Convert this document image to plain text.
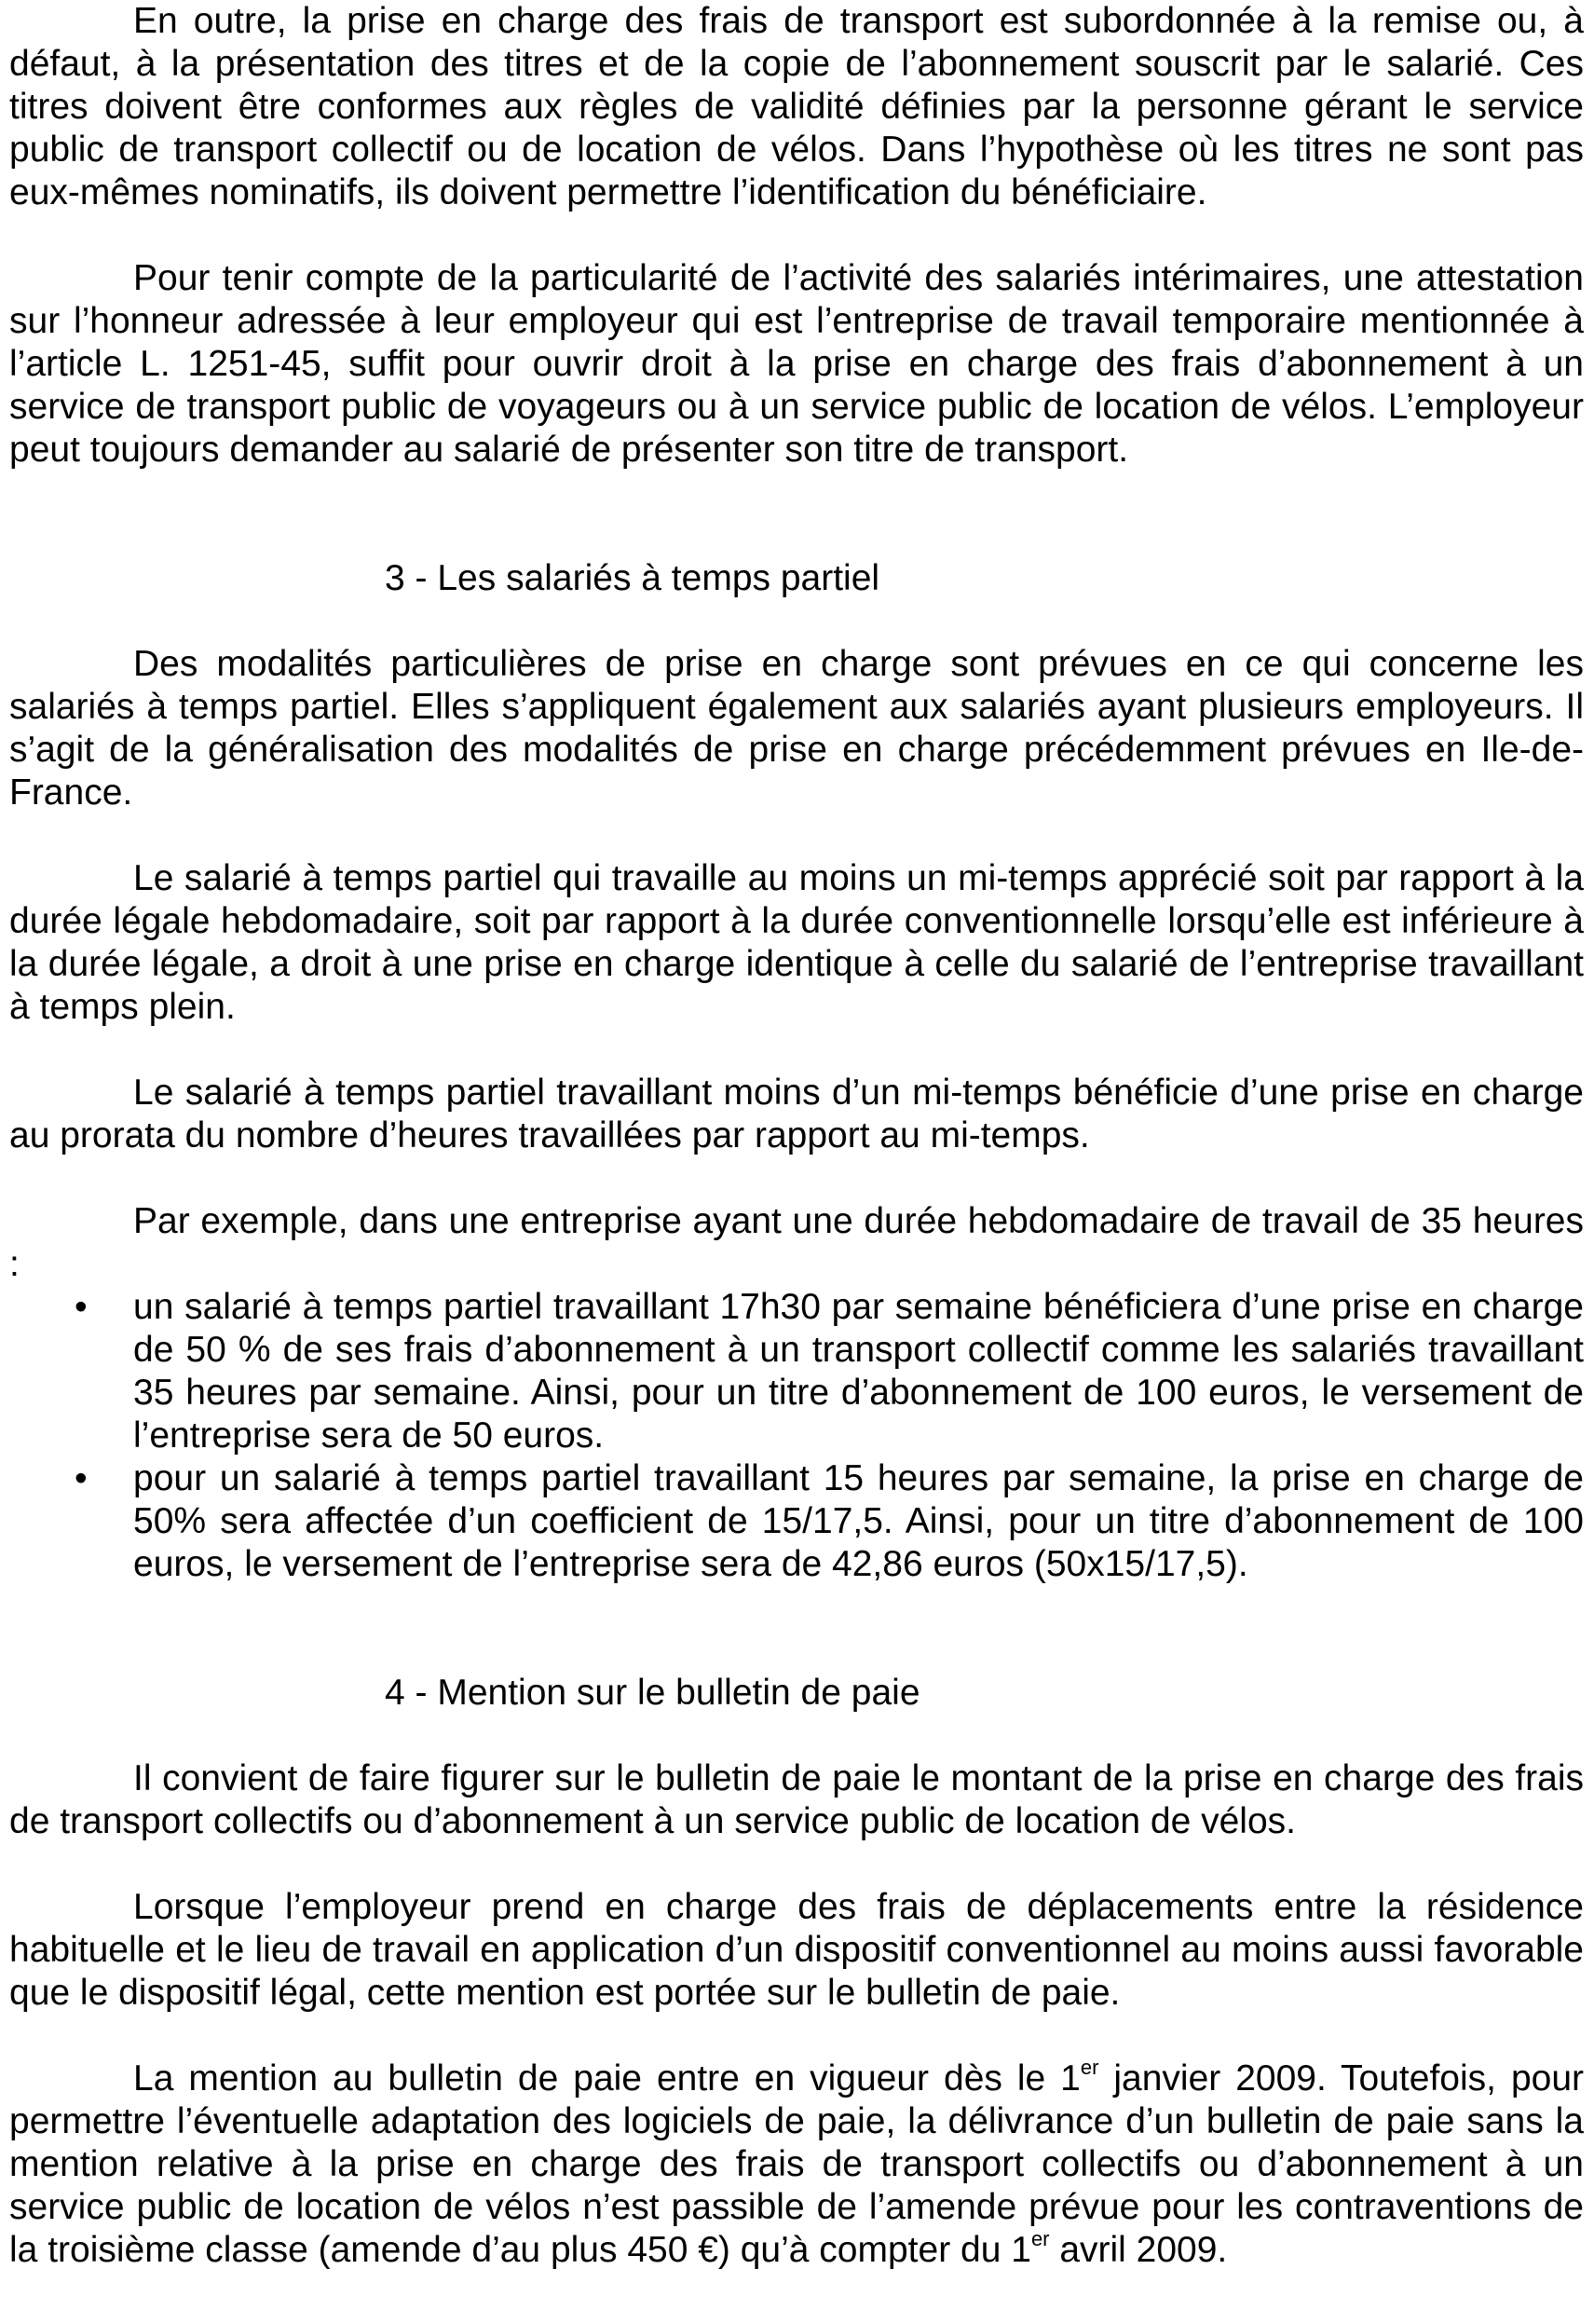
En outre, la prise en charge des frais de transport est subordonnée à la remise ou, à défaut, à la présentation des titres et de la copie de l’abonnement souscrit par le salarié. Ces titres doivent être conformes aux règles de validité définies par la personne gérant le service public de transport collectif ou de location de vélos. Dans l’hypothèse où les titres ne sont pas eux-mêmes nominatifs, ils doivent permettre l’identification du bénéficiaire.

Pour tenir compte de la particularité de l’activité des salariés intérimaires, une attestation sur l’honneur adressée à leur employeur qui est l’entreprise de travail temporaire mentionnée à l’article L. 1251-45, suffit pour ouvrir droit à la prise en charge des frais d’abonnement à un service de transport public de voyageurs ou à un service public de location de vélos. L’employeur peut toujours demander au salarié de présenter son titre de transport.

3 - Les salariés à temps partiel

Des modalités particulières de prise en charge sont prévues en ce qui concerne les salariés à temps partiel. Elles s’appliquent également aux salariés ayant plusieurs employeurs. Il s’agit de la généralisation des modalités de prise en charge précédemment prévues en Ile-de-France.

Le salarié à temps partiel qui travaille au moins un mi-temps apprécié soit par rapport à la durée légale hebdomadaire, soit par rapport à la durée conventionnelle lorsqu’elle est inférieure à la durée légale, a droit à une prise en charge identique à celle du salarié de l’entreprise travaillant à temps plein.

Le salarié à temps partiel travaillant moins d’un mi-temps bénéficie d’une prise en charge au prorata du nombre d’heures travaillées par rapport au mi-temps.

Par exemple, dans une entreprise ayant une durée hebdomadaire de travail de 35 heures :

• un salarié à temps partiel travaillant 17h30 par semaine bénéficiera d’une prise en charge de 50 % de ses frais d’abonnement à un transport collectif comme les salariés travaillant 35 heures par semaine. Ainsi, pour un titre d’abonnement de 100 euros, le versement de l’entreprise sera de 50 euros.
• pour un salarié à temps partiel travaillant 15 heures par semaine, la prise en charge de 50% sera affectée d’un coefficient de 15/17,5. Ainsi, pour un titre d’abonnement de 100 euros, le versement de l’entreprise sera de 42,86 euros (50x15/17,5).
4 - Mention sur le bulletin de paie

Il convient de faire figurer sur le bulletin de paie le montant de la prise en charge des frais de transport collectifs ou d’abonnement à un service public de location de vélos.

Lorsque l’employeur prend en charge des frais de déplacements entre la résidence habituelle et le lieu de travail en application d’un dispositif conventionnel au moins aussi favorable que le dispositif légal, cette mention est portée sur le bulletin de paie.

La mention au bulletin de paie entre en vigueur dès le 1er janvier 2009. Toutefois, pour permettre l’éventuelle adaptation des logiciels de paie, la délivrance d’un bulletin de paie sans la mention relative à la prise en charge des frais de transport collectifs ou d’abonnement à un service public de location de vélos n’est passible de l’amende prévue pour les contraventions de la troisième classe (amende d’au plus 450 €) qu’à compter du 1er avril 2009.
